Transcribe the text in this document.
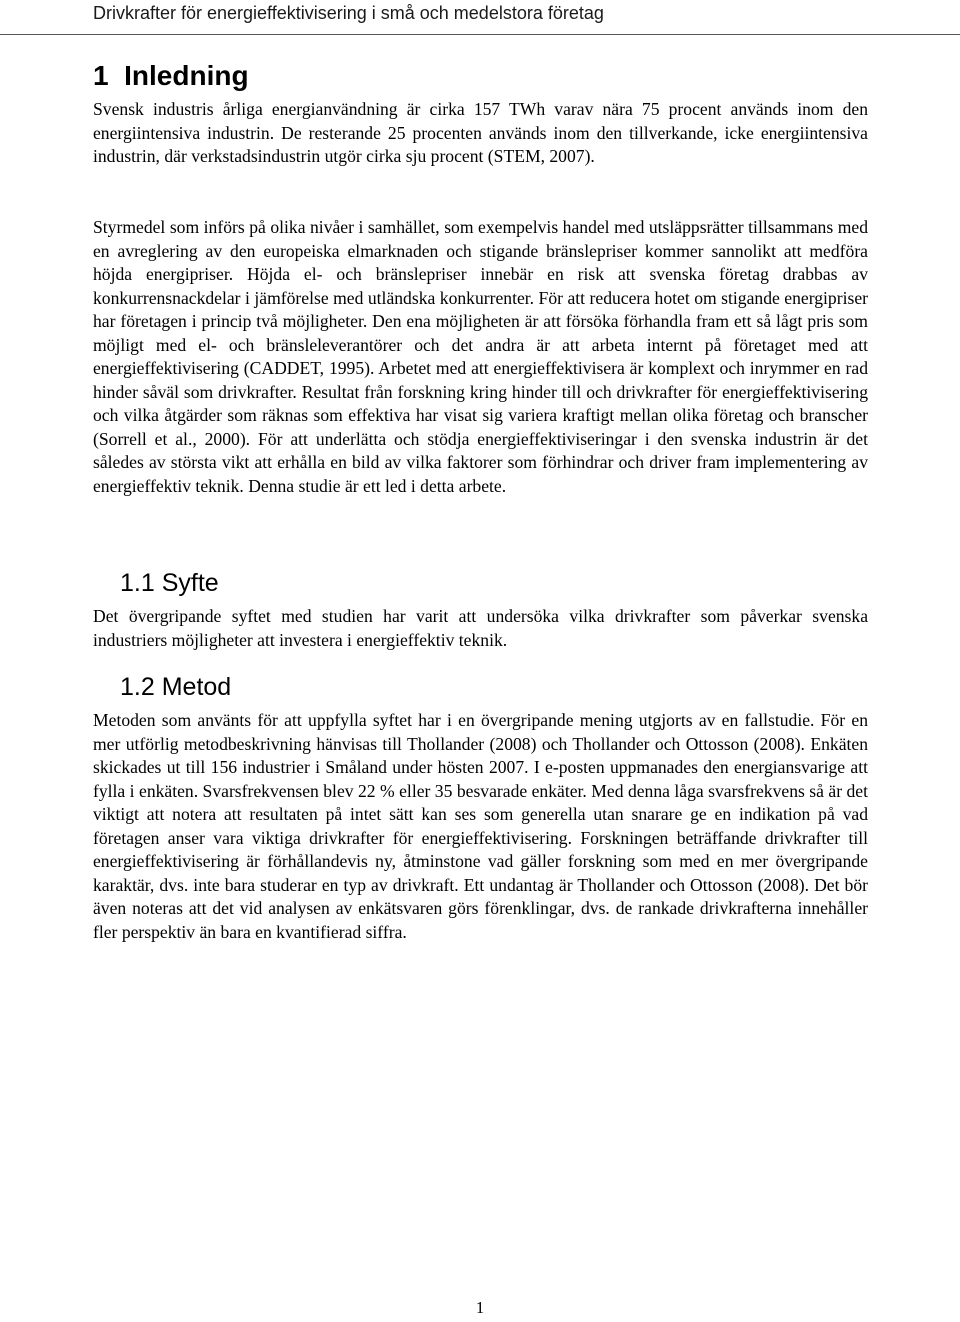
Drivkrafter för energieffektivisering i små och medelstora företag
1 Inledning

Svensk industris årliga energianvändning är cirka 157 TWh varav nära 75 procent används inom den energiintensiva industrin. De resterande 25 procenten används inom den tillverkande, icke energiintensiva industrin, där verkstadsindustrin utgör cirka sju procent (STEM, 2007).

Styrmedel som införs på olika nivåer i samhället, som exempelvis handel med utsläppsrätter tillsammans med en avreglering av den europeiska elmarknaden och stigande bränslepriser kommer sannolikt att medföra höjda energipriser. Höjda el- och bränslepriser innebär en risk att svenska företag drabbas av konkurrensnackdelar i jämförelse med utländska konkurrenter. För att reducera hotet om stigande energipriser har företagen i princip två möjligheter. Den ena möjligheten är att försöka förhandla fram ett så lågt pris som möjligt med el- och bränsleleverantörer och det andra är att arbeta internt på företaget med att energieffektivisering (CADDET, 1995). Arbetet med att energieffektivisera är komplext och inrymmer en rad hinder såväl som drivkrafter. Resultat från forskning kring hinder till och drivkrafter för energieffektivisering och vilka åtgärder som räknas som effektiva har visat sig variera kraftigt mellan olika företag och branscher (Sorrell et al., 2000). För att underlätta och stödja energieffektiviseringar i den svenska industrin är det således av största vikt att erhålla en bild av vilka faktorer som förhindrar och driver fram implementering av energieffektiv teknik. Denna studie är ett led i detta arbete.

1.1 Syfte

Det övergripande syftet med studien har varit att undersöka vilka drivkrafter som påverkar svenska industriers möjligheter att investera i energieffektiv teknik.

1.2 Metod

Metoden som använts för att uppfylla syftet har i en övergripande mening utgjorts av en fallstudie. För en mer utförlig metodbeskrivning hänvisas till Thollander (2008) och Thollander och Ottosson (2008). Enkäten skickades ut till 156 industrier i Småland under hösten 2007. I e-posten uppmanades den energiansvarige att fylla i enkäten. Svarsfrekvensen blev 22 % eller 35 besvarade enkäter. Med denna låga svarsfrekvens så är det viktigt att notera att resultaten på intet sätt kan ses som generella utan snarare ge en indikation på vad företagen anser vara viktiga drivkrafter för energieffektivisering. Forskningen beträffande drivkrafter till energieffektivisering är förhållandevis ny, åtminstone vad gäller forskning som med en mer övergripande karaktär, dvs. inte bara studerar en typ av drivkraft. Ett undantag är Thollander och Ottosson (2008). Det bör även noteras att det vid analysen av enkätsvaren görs förenklingar, dvs. de rankade drivkrafterna innehåller fler perspektiv än bara en kvantifierad siffra.

1
